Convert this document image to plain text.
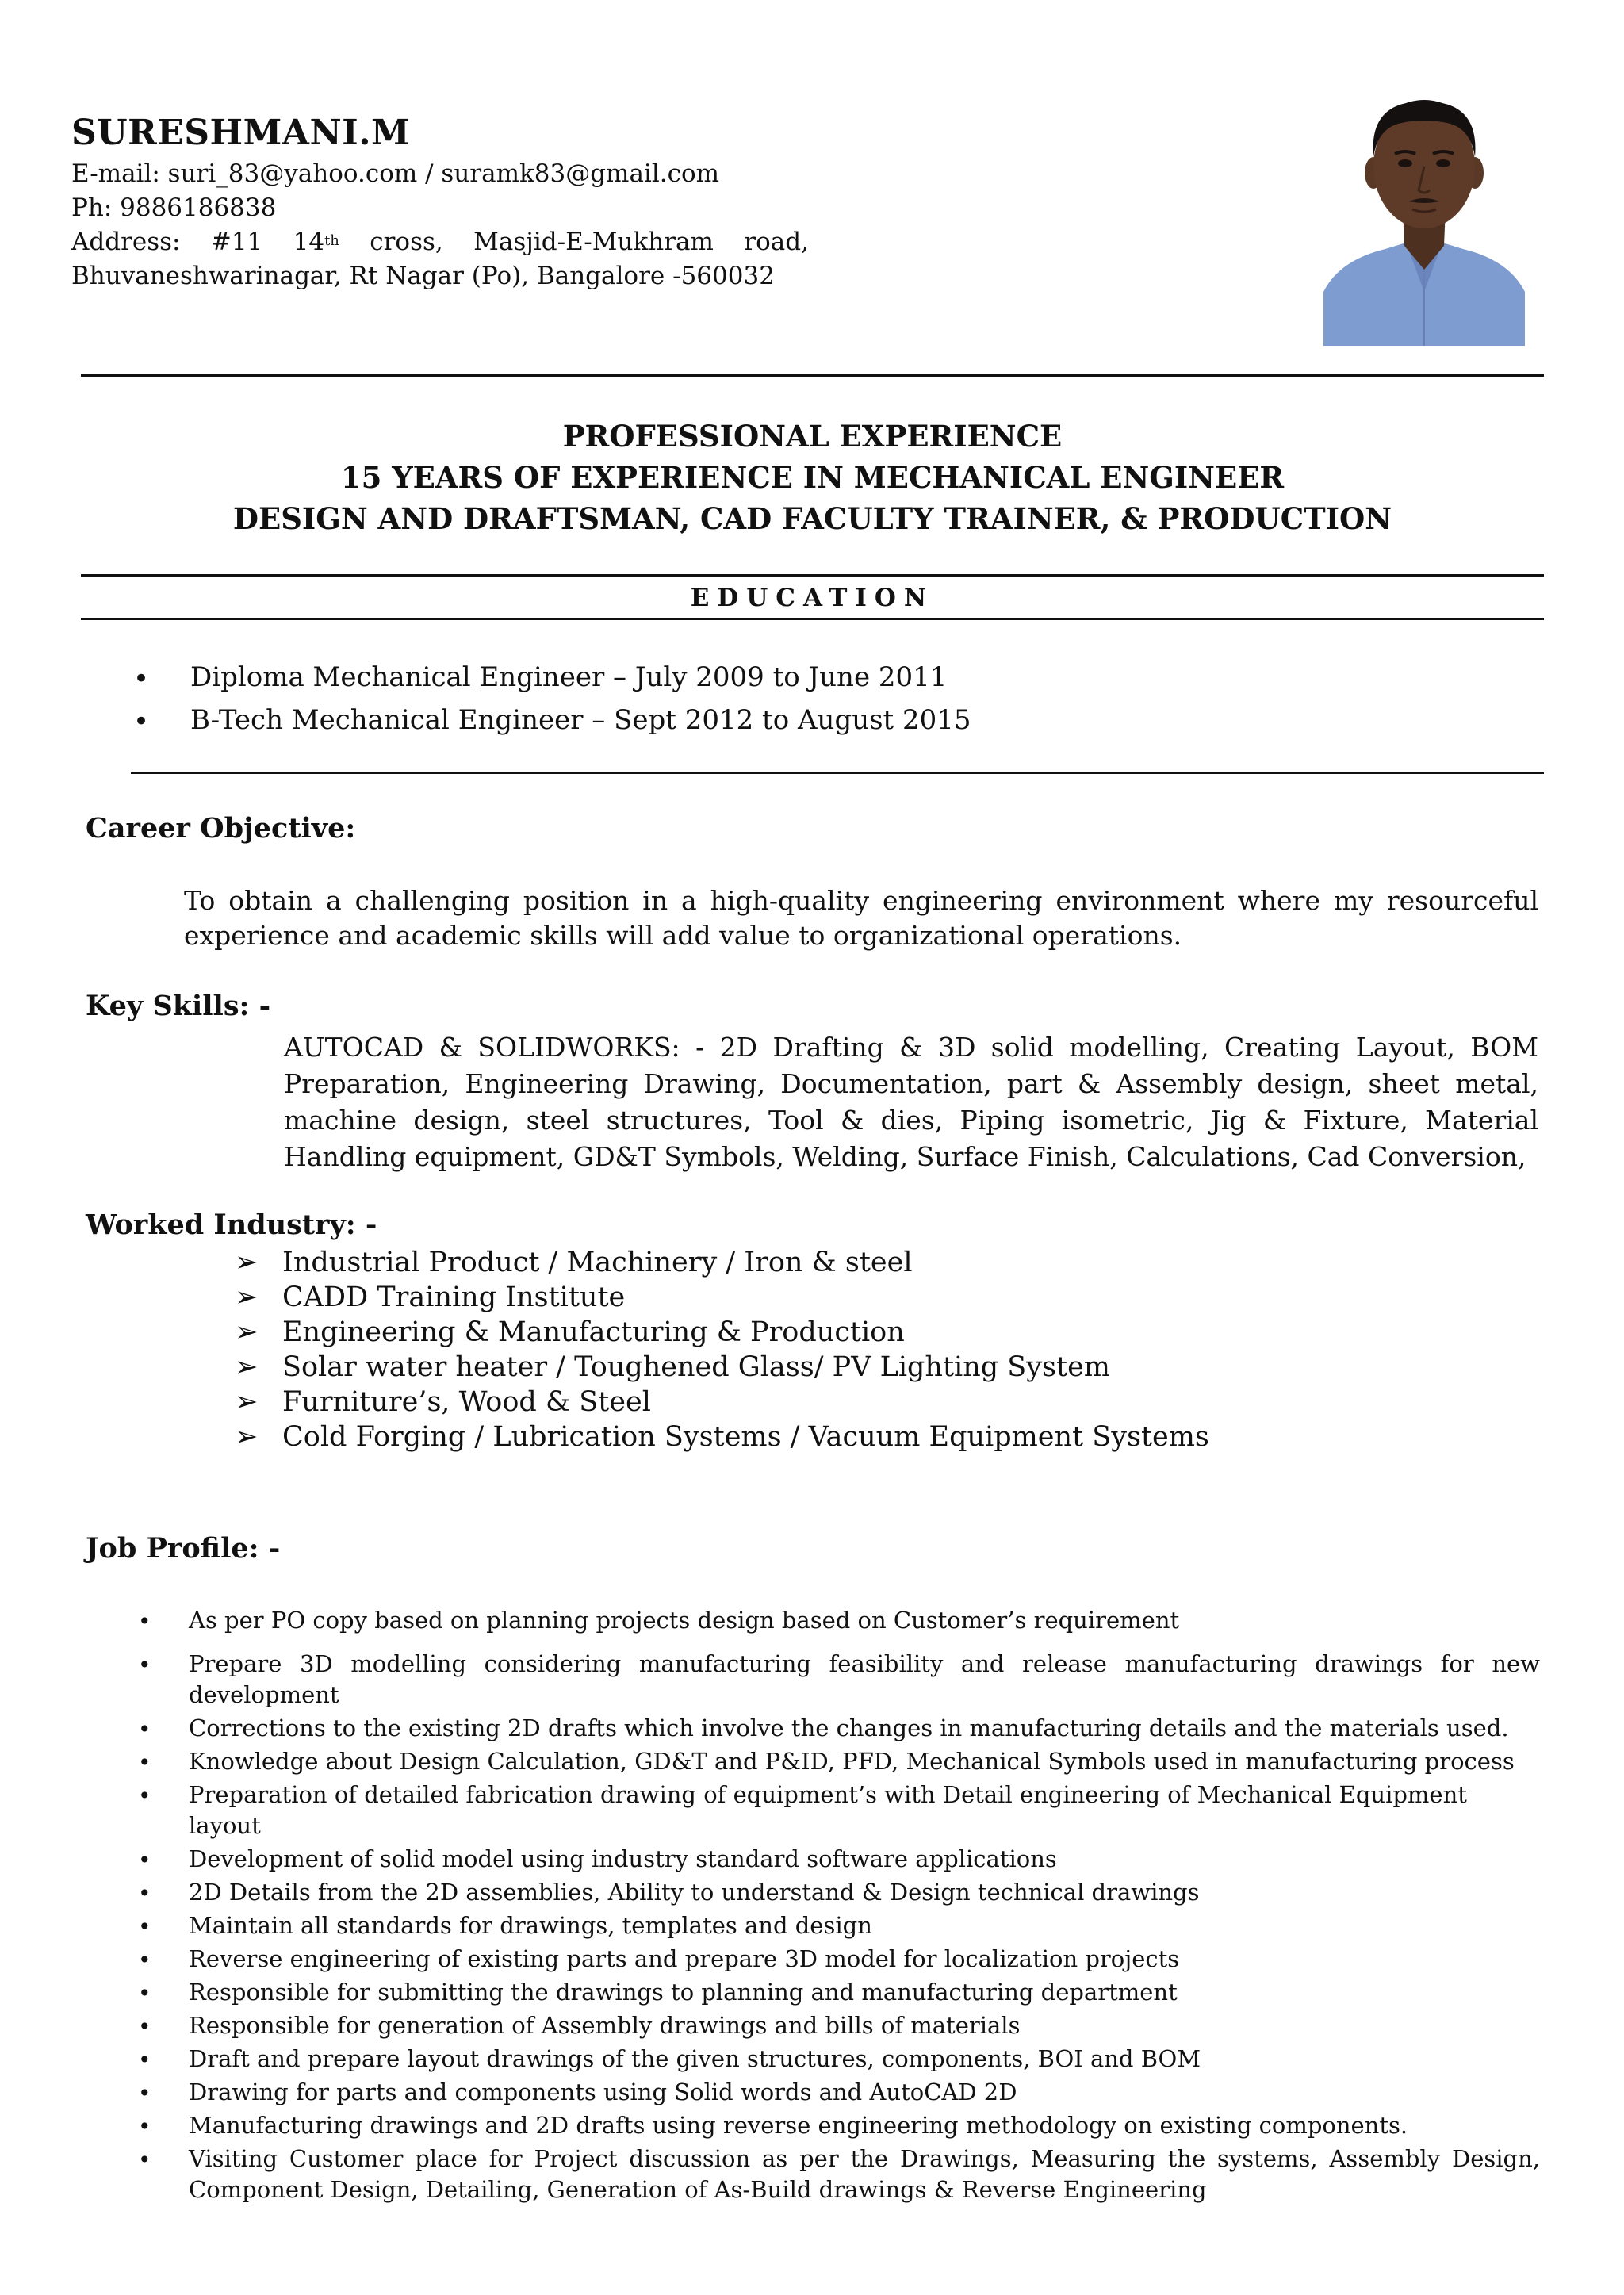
SURESHMANI.M
E-mail: suri_83@yahoo.com / suramk83@gmail.com
Ph: 9886186838
Address: #11 14th cross, Masjid-E-Mukhram road,
Bhuvaneshwarinagar, Rt Nagar (Po), Bangalore -560032
PROFESSIONAL EXPERIENCE
15 YEARS OF EXPERIENCE IN MECHANICAL ENGINEER
DESIGN AND DRAFTSMAN, CAD FACULTY TRAINER, & PRODUCTION
EDUCATION
• Diploma Mechanical Engineer – July 2009 to June 2011
• B-Tech Mechanical Engineer – Sept 2012 to August 2015
Career Objective:
To obtain a challenging position in a high-quality engineering environment where my resourceful experience and academic skills will add value to organizational operations.
Key Skills: -
AUTOCAD & SOLIDWORKS: - 2D Drafting & 3D solid modelling, Creating Layout, BOM Preparation, Engineering Drawing, Documentation, part & Assembly design, sheet metal, machine design, steel structures, Tool & dies, Piping isometric, Jig & Fixture, Material Handling equipment, GD&T Symbols, Welding, Surface Finish, Calculations, Cad Conversion,
Worked Industry: -
➢ Industrial Product / Machinery / Iron & steel
➢ CADD Training Institute
➢ Engineering & Manufacturing & Production
➢ Solar water heater / Toughened Glass/ PV Lighting System
➢ Furniture’s, Wood & Steel
➢ Cold Forging / Lubrication Systems / Vacuum Equipment Systems
Job Profile: -
• As per PO copy based on planning projects design based on Customer’s requirement
• Prepare 3D modelling considering manufacturing feasibility and release manufacturing drawings for new development
• Corrections to the existing 2D drafts which involve the changes in manufacturing details and the materials used.
• Knowledge about Design Calculation, GD&T and P&ID, PFD, Mechanical Symbols used in manufacturing process
• Preparation of detailed fabrication drawing of equipment’s with Detail engineering of Mechanical Equipment layout
• Development of solid model using industry standard software applications
• 2D Details from the 2D assemblies, Ability to understand & Design technical drawings
• Maintain all standards for drawings, templates and design
• Reverse engineering of existing parts and prepare 3D model for localization projects
• Responsible for submitting the drawings to planning and manufacturing department
• Responsible for generation of Assembly drawings and bills of materials
• Draft and prepare layout drawings of the given structures, components, BOI and BOM
• Drawing for parts and components using Solid words and AutoCAD 2D
• Manufacturing drawings and 2D drafts using reverse engineering methodology on existing components.
• Visiting Customer place for Project discussion as per the Drawings, Measuring the systems, Assembly Design, Component Design, Detailing, Generation of As-Build drawings & Reverse Engineering
